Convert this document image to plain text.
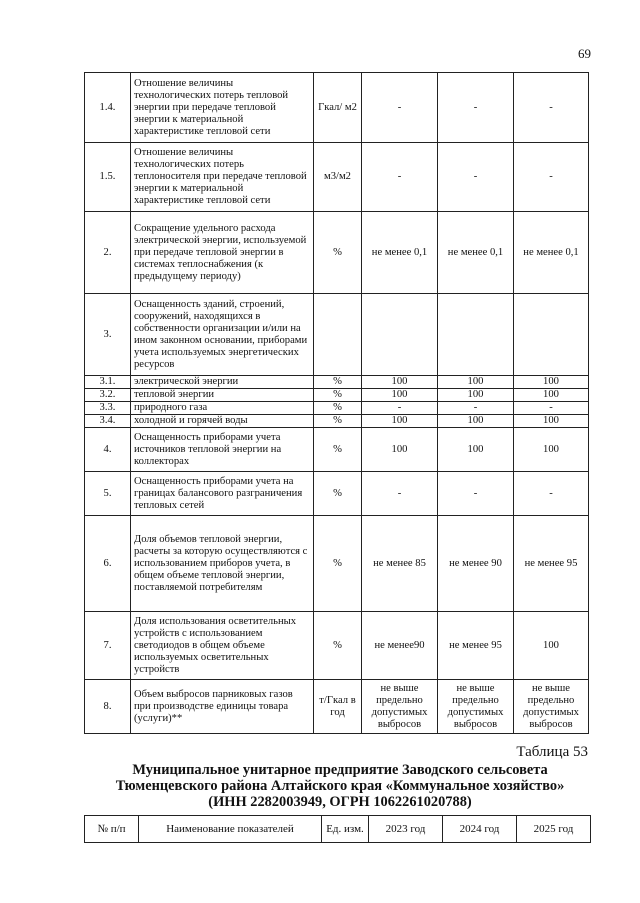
69
1.4.	Отношение величины технологических потерь тепловой энергии при передаче тепловой энергии к материальной характеристике тепловой сети	Гкал/ м2	-	-	-
1.5.	Отношение величины технологических потерь теплоносителя при передаче тепловой энергии к материальной характеристике тепловой сети	м3/м2	-	-	-
2.	Сокращение удельного расхода электрической энергии, используемой при передаче тепловой энергии в системах теплоснабжения (к предыдущему периоду)	%	не менее 0,1	не менее 0,1	не менее 0,1
3.	Оснащенность зданий, строений, сооружений, находящихся в собственности организации и/или на ином законном основании, приборами учета используемых энергетических ресурсов				
3.1.	электрической энергии	%	100	100	100
3.2.	тепловой энергии	%	100	100	100
3.3.	природного газа	%	-	-	-
3.4.	холодной и горячей воды	%	100	100	100
4.	Оснащенность приборами учета источников тепловой энергии на коллекторах	%	100	100	100
5.	Оснащенность приборами учета на границах балансового разграничения тепловых сетей	%	-	-	-
6.	Доля объемов тепловой энергии, расчеты за которую осуществляются с использованием приборов учета, в общем объеме тепловой энергии, поставляемой потребителям	%	не менее 85	не менее 90	не менее 95
7.	Доля использования осветительных устройств с использованием светодиодов в общем объеме используемых осветительных устройств	%	не менее90	не менее 95	100
8.	Объем выбросов парниковых газов при производстве единицы товара (услуги)**	т/Гкал в год	не выше предельно допустимых выбросов	не выше предельно допустимых выбросов	не выше предельно допустимых выбросов
Таблица 53
Муниципальное унитарное предприятие Заводского сельсовета
Тюменцевского района Алтайского края «Коммунальное хозяйство»
(ИНН 2282003949, ОГРН 1062261020788)
№ п/п	Наименование показателей	Ед. изм.	2023 год	2024 год	2025 год
